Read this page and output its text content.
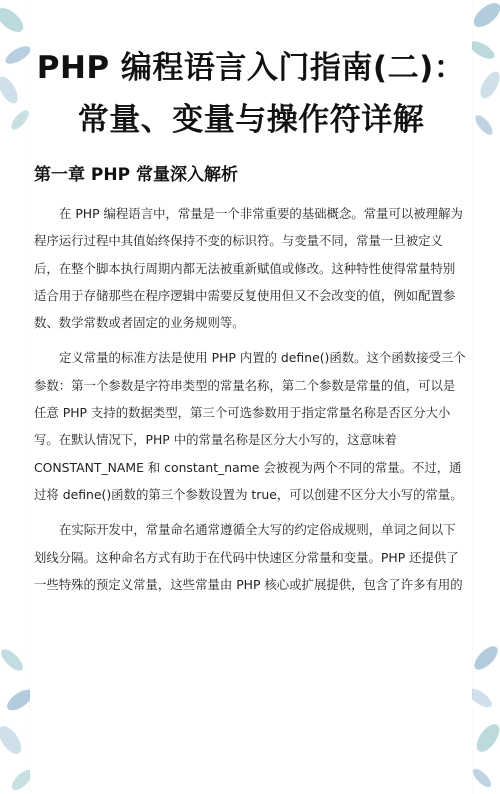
PHP 编程语言入门指南(二)：
常量、变量与操作符详解
第一章 PHP 常量深入解析
在 PHP 编程语言中，常量是一个非常重要的基础概念。常量可以被理解为
程序运行过程中其值始终保持不变的标识符。与变量不同，常量一旦被定义
后，在整个脚本执行周期内都无法被重新赋值或修改。这种特性使得常量特别
适合用于存储那些在程序逻辑中需要反复使用但又不会改变的值，例如配置参
数、数学常数或者固定的业务规则等。
定义常量的标准方法是使用 PHP 内置的 define()函数。这个函数接受三个
参数：第一个参数是字符串类型的常量名称，第二个参数是常量的值，可以是
任意 PHP 支持的数据类型，第三个可选参数用于指定常量名称是否区分大小
写。在默认情况下，PHP 中的常量名称是区分大小写的，这意味着
CONSTANT_NAME 和 constant_name 会被视为两个不同的常量。不过，通
过将 define()函数的第三个参数设置为 true，可以创建不区分大小写的常量。
在实际开发中，常量命名通常遵循全大写的约定俗成规则，单词之间以下
划线分隔。这种命名方式有助于在代码中快速区分常量和变量。PHP 还提供了
一些特殊的预定义常量，这些常量由 PHP 核心或扩展提供，包含了许多有用的
